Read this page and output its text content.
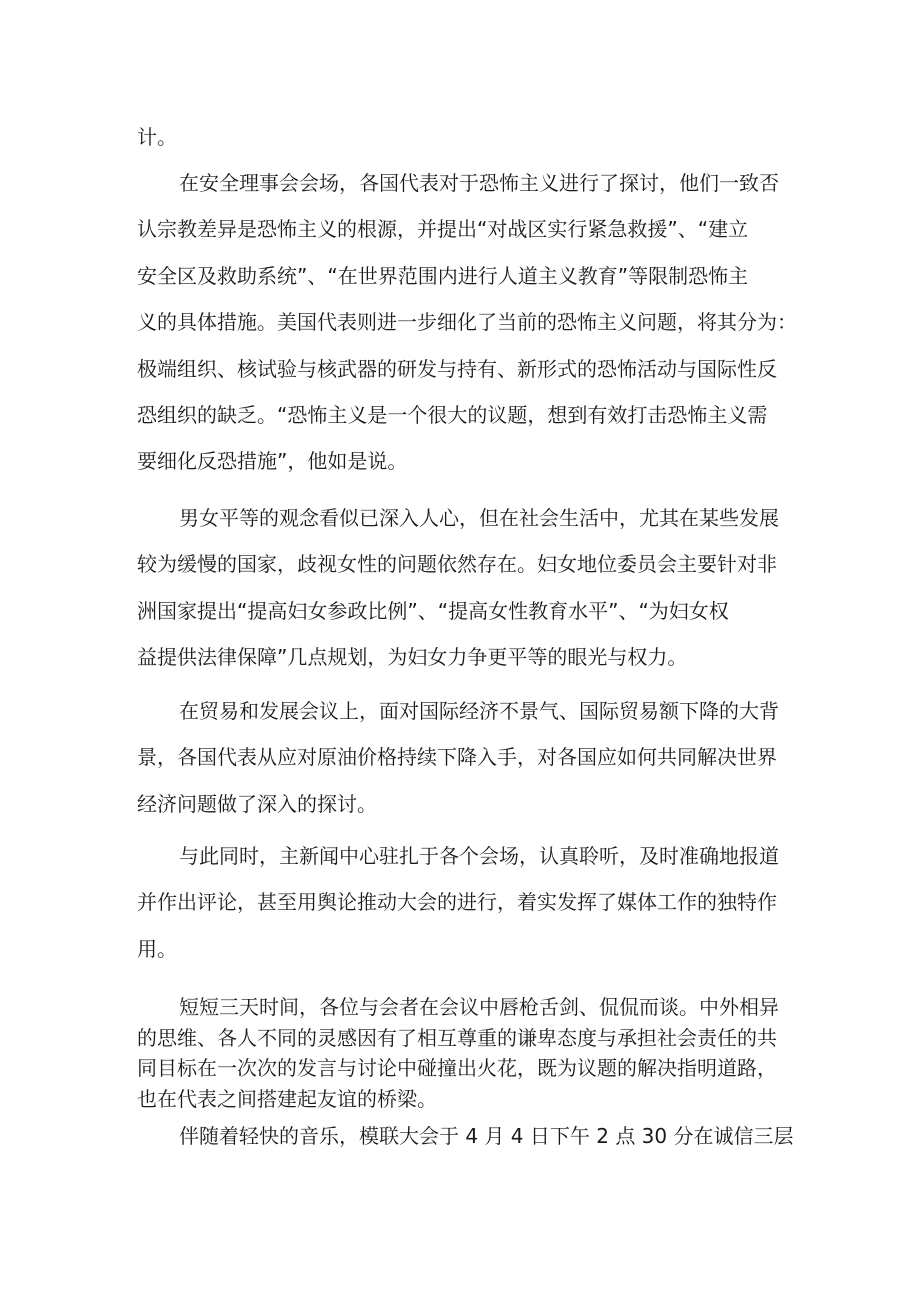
计。
在安全理事会会场，各国代表对于恐怖主义进行了探讨，他们一致否
认宗教差异是恐怖主义的根源，并提出“对战区实行紧急救援”、“建立
安全区及救助系统”、“在世界范围内进行人道主义教育”等限制恐怖主
义的具体措施。美国代表则进一步细化了当前的恐怖主义问题，将其分为：
极端组织、核试验与核武器的研发与持有、新形式的恐怖活动与国际性反
恐组织的缺乏。“恐怖主义是一个很大的议题，想到有效打击恐怖主义需
要细化反恐措施”，他如是说。
男女平等的观念看似已深入人心，但在社会生活中，尤其在某些发展
较为缓慢的国家，歧视女性的问题依然存在。妇女地位委员会主要针对非
洲国家提出“提高妇女参政比例”、“提高女性教育水平”、“为妇女权
益提供法律保障”几点规划，为妇女力争更平等的眼光与权力。
在贸易和发展会议上，面对国际经济不景气、国际贸易额下降的大背
景，各国代表从应对原油价格持续下降入手，对各国应如何共同解决世界
经济问题做了深入的探讨。
与此同时，主新闻中心驻扎于各个会场，认真聆听，及时准确地报道
并作出评论，甚至用舆论推动大会的进行，着实发挥了媒体工作的独特作
用。
短短三天时间，各位与会者在会议中唇枪舌剑、侃侃而谈。中外相异
的思维、各人不同的灵感因有了相互尊重的谦卑态度与承担社会责任的共
同目标在一次次的发言与讨论中碰撞出火花，既为议题的解决指明道路，
也在代表之间搭建起友谊的桥梁。
伴随着轻快的音乐，模联大会于 4 月 4 日下午 2 点 30 分在诚信三层
